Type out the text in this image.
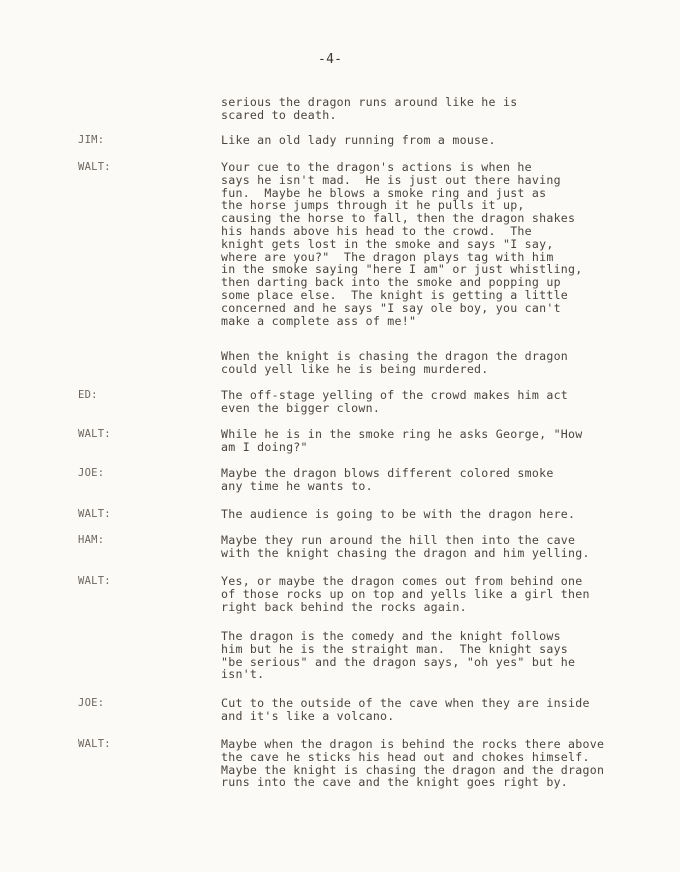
-4-
serious the dragon runs around like he is
scared to death.
JIM:	Like an old lady running from a mouse.
WALT:	Your cue to the dragon's actions is when he
says he isn't mad.  He is just out there having
fun.  Maybe he blows a smoke ring and just as
the horse jumps through it he pulls it up,
causing the horse to fall, then the dragon shakes
his hands above his head to the crowd.  The
knight gets lost in the smoke and says "I say,
where are you?"  The dragon plays tag with him
in the smoke saying "here I am" or just whistling,
then darting back into the smoke and popping up
some place else.  The knight is getting a little
concerned and he says "I say ole boy, you can't
make a complete ass of me!"
When the knight is chasing the dragon the dragon
could yell like he is being murdered.
ED:	The off-stage yelling of the crowd makes him act
even the bigger clown.
WALT:	While he is in the smoke ring he asks George, "How
am I doing?"
JOE:	Maybe the dragon blows different colored smoke
any time he wants to.
WALT:	The audience is going to be with the dragon here.
HAM:	Maybe they run around the hill then into the cave
with the knight chasing the dragon and him yelling.
WALT:	Yes, or maybe the dragon comes out from behind one
of those rocks up on top and yells like a girl then
right back behind the rocks again.
The dragon is the comedy and the knight follows
him but he is the straight man.  The knight says
"be serious" and the dragon says, "oh yes" but he
isn't.
JOE:	Cut to the outside of the cave when they are inside
and it's like a volcano.
WALT:	Maybe when the dragon is behind the rocks there above
the cave he sticks his head out and chokes himself.
Maybe the knight is chasing the dragon and the dragon
runs into the cave and the knight goes right by.
